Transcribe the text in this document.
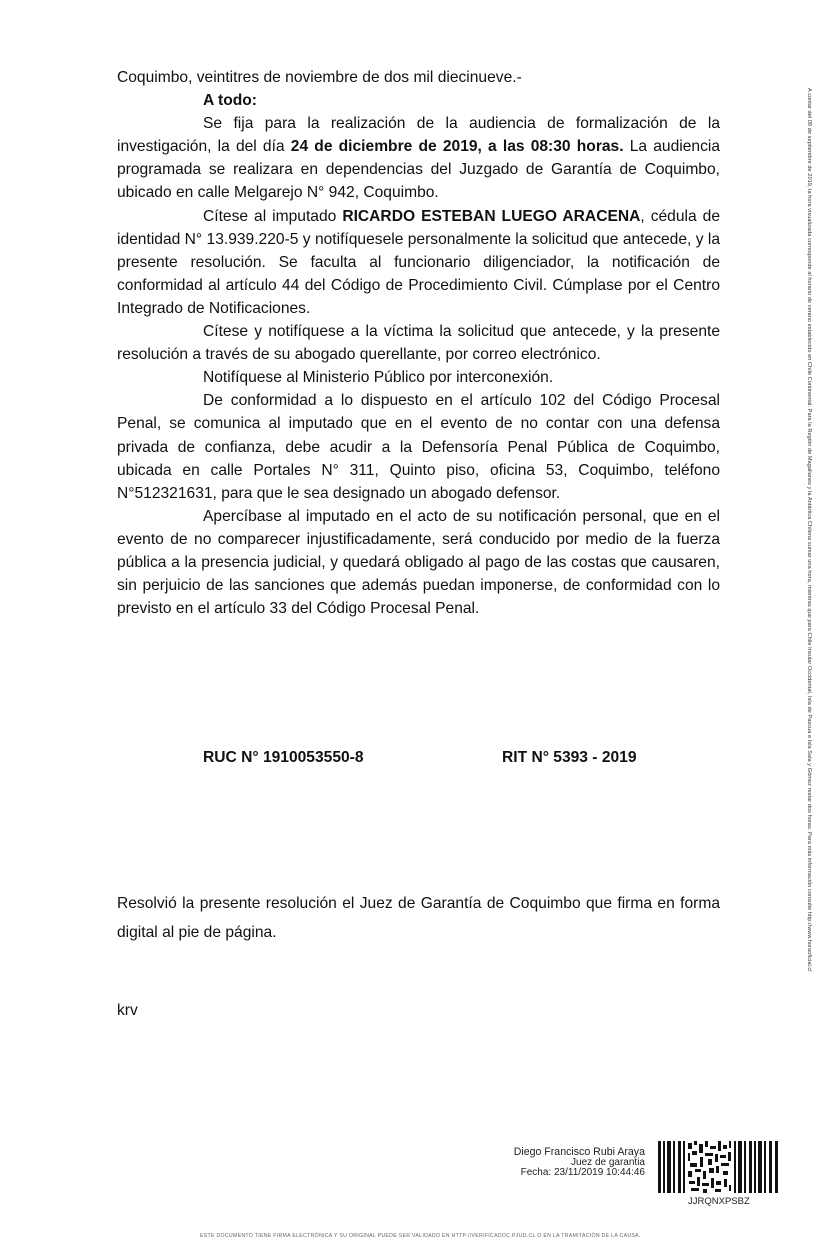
Coquimbo, veintitres de noviembre de dos mil diecinueve.-

A todo:

Se fija para la realización de la audiencia de formalización de la investigación, la del día 24 de diciembre de 2019, a las 08:30 horas. La audiencia programada se realizara en dependencias del Juzgado de Garantía de Coquimbo, ubicado en calle Melgarejo N° 942, Coquimbo.

Cítese al imputado RICARDO ESTEBAN LUEGO ARACENA, cédula de identidad N° 13.939.220-5 y notifíquesele personalmente la solicitud que antecede, y la presente resolución. Se faculta al funcionario diligenciador, la notificación de conformidad al artículo 44 del Código de Procedimiento Civil. Cúmplase por el Centro Integrado de Notificaciones.

Cítese y notifíquese a la víctima la solicitud que antecede, y la presente resolución a través de su abogado querellante, por correo electrónico.

Notifíquese al Ministerio Público por interconexión.

De conformidad a lo dispuesto en el artículo 102 del Código Procesal Penal, se comunica al imputado que en el evento de no contar con una defensa privada de confianza, debe acudir a la Defensoría Penal Pública de Coquimbo, ubicada en calle Portales N° 311, Quinto piso, oficina 53, Coquimbo, teléfono N°512321631, para que le sea designado un abogado defensor.

Apercíbase al imputado en el acto de su notificación personal, que en el evento de no comparecer injustificadamente, será conducido por medio de la fuerza pública a la presencia judicial, y quedará obligado al pago de las costas que causaren, sin perjuicio de las sanciones que además puedan imponerse, de conformidad con lo previsto en el artículo 33 del Código Procesal Penal.

RUC N° 1910053550-8	RIT N° 5393 - 2019
Resolvió la presente resolución el Juez de Garantía de Coquimbo que firma en forma digital al pie de página.
krv
A contar del 08 de septiembre de 2019, la hora visualizada corresponde al horario de verano establecido en Chile Continental. Para la Región de Magallanes y la Antártica Chilena sumar una hora, mientras que para Chile Insular Occidental, Isla de Pascua e Isla Sala y Gómez restar dos horas. Para más información consulte http://www.horaoficial.cl
Diego Francisco Rubi Araya
Juez de garantia
Fecha: 23/11/2019 10:44:46
JJRQNXPSBZ
ESTE DOCUMENTO TIENE FIRMA ELECTRÓNICA Y SU ORIGINAL PUEDE SER VALIDADO EN HTTP://VERIFICADOC.PJUD.CL O EN LA TRAMITACIÓN DE LA CAUSA.
